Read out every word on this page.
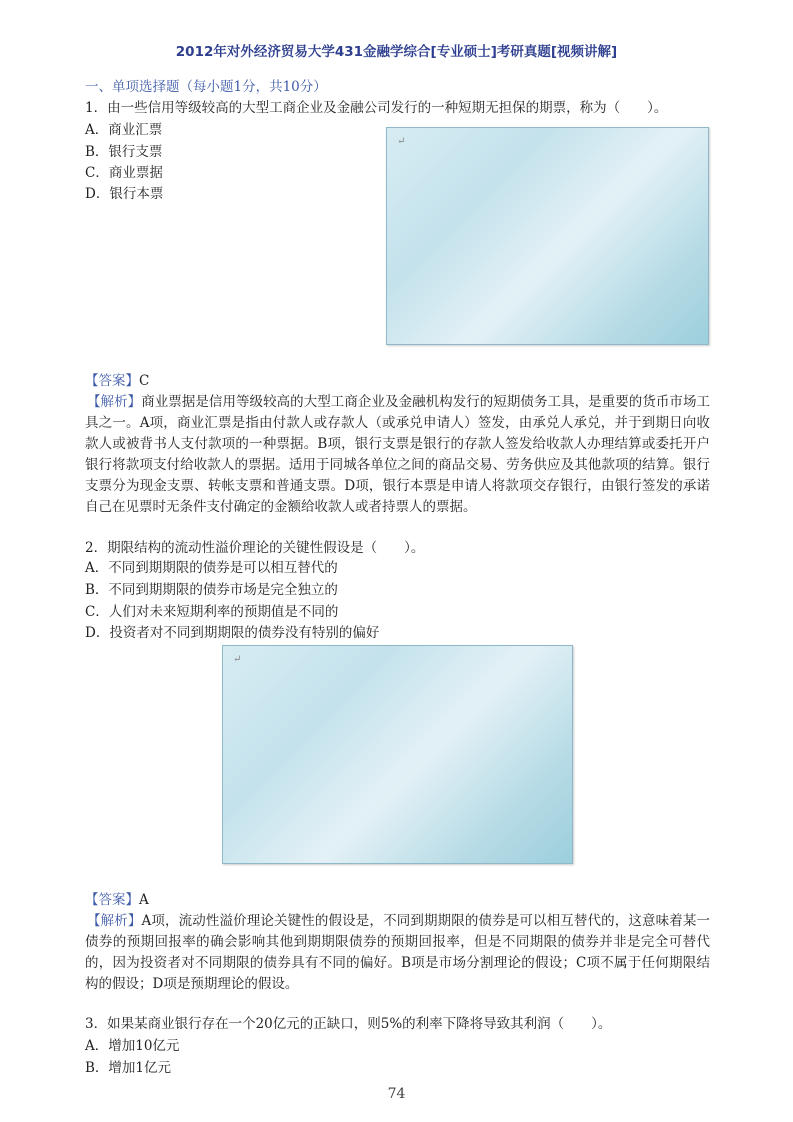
2012年对外经济贸易大学431金融学综合[专业硕士]考研真题[视频讲解]
一、单项选择题（每小题1分，共10分）
1．由一些信用等级较高的大型工商企业及金融公司发行的一种短期无担保的期票，称为（　　）。
A．商业汇票
B．银行支票
C．商业票据
D．银行本票
↵
【答案】C
【解析】商业票据是信用等级较高的大型工商企业及金融机构发行的短期债务工具，是重要的货币市场工具之一。A项，商业汇票是指由付款人或存款人（或承兑申请人）签发，由承兑人承兑，并于到期日向收款人或被背书人支付款项的一种票据。B项，银行支票是银行的存款人签发给收款人办理结算或委托开户银行将款项支付给收款人的票据。适用于同城各单位之间的商品交易、劳务供应及其他款项的结算。银行支票分为现金支票、转帐支票和普通支票。D项，银行本票是申请人将款项交存银行，由银行签发的承诺自己在见票时无条件支付确定的金额给收款人或者持票人的票据。
2．期限结构的流动性溢价理论的关键性假设是（　　）。
A．不同到期期限的债券是可以相互替代的
B．不同到期期限的债券市场是完全独立的
C．人们对未来短期利率的预期值是不同的
D．投资者对不同到期期限的债券没有特别的偏好
↵
【答案】A
【解析】A项，流动性溢价理论关键性的假设是，不同到期期限的债券是可以相互替代的，这意味着某一债券的预期回报率的确会影响其他到期期限债券的预期回报率，但是不同期限的债券并非是完全可替代的，因为投资者对不同期限的债券具有不同的偏好。B项是市场分割理论的假设；C项不属于任何期限结构的假设；D项是预期理论的假设。
3．如果某商业银行存在一个20亿元的正缺口，则5%的利率下降将导致其利润（　　）。
A．增加10亿元
B．增加1亿元
74
